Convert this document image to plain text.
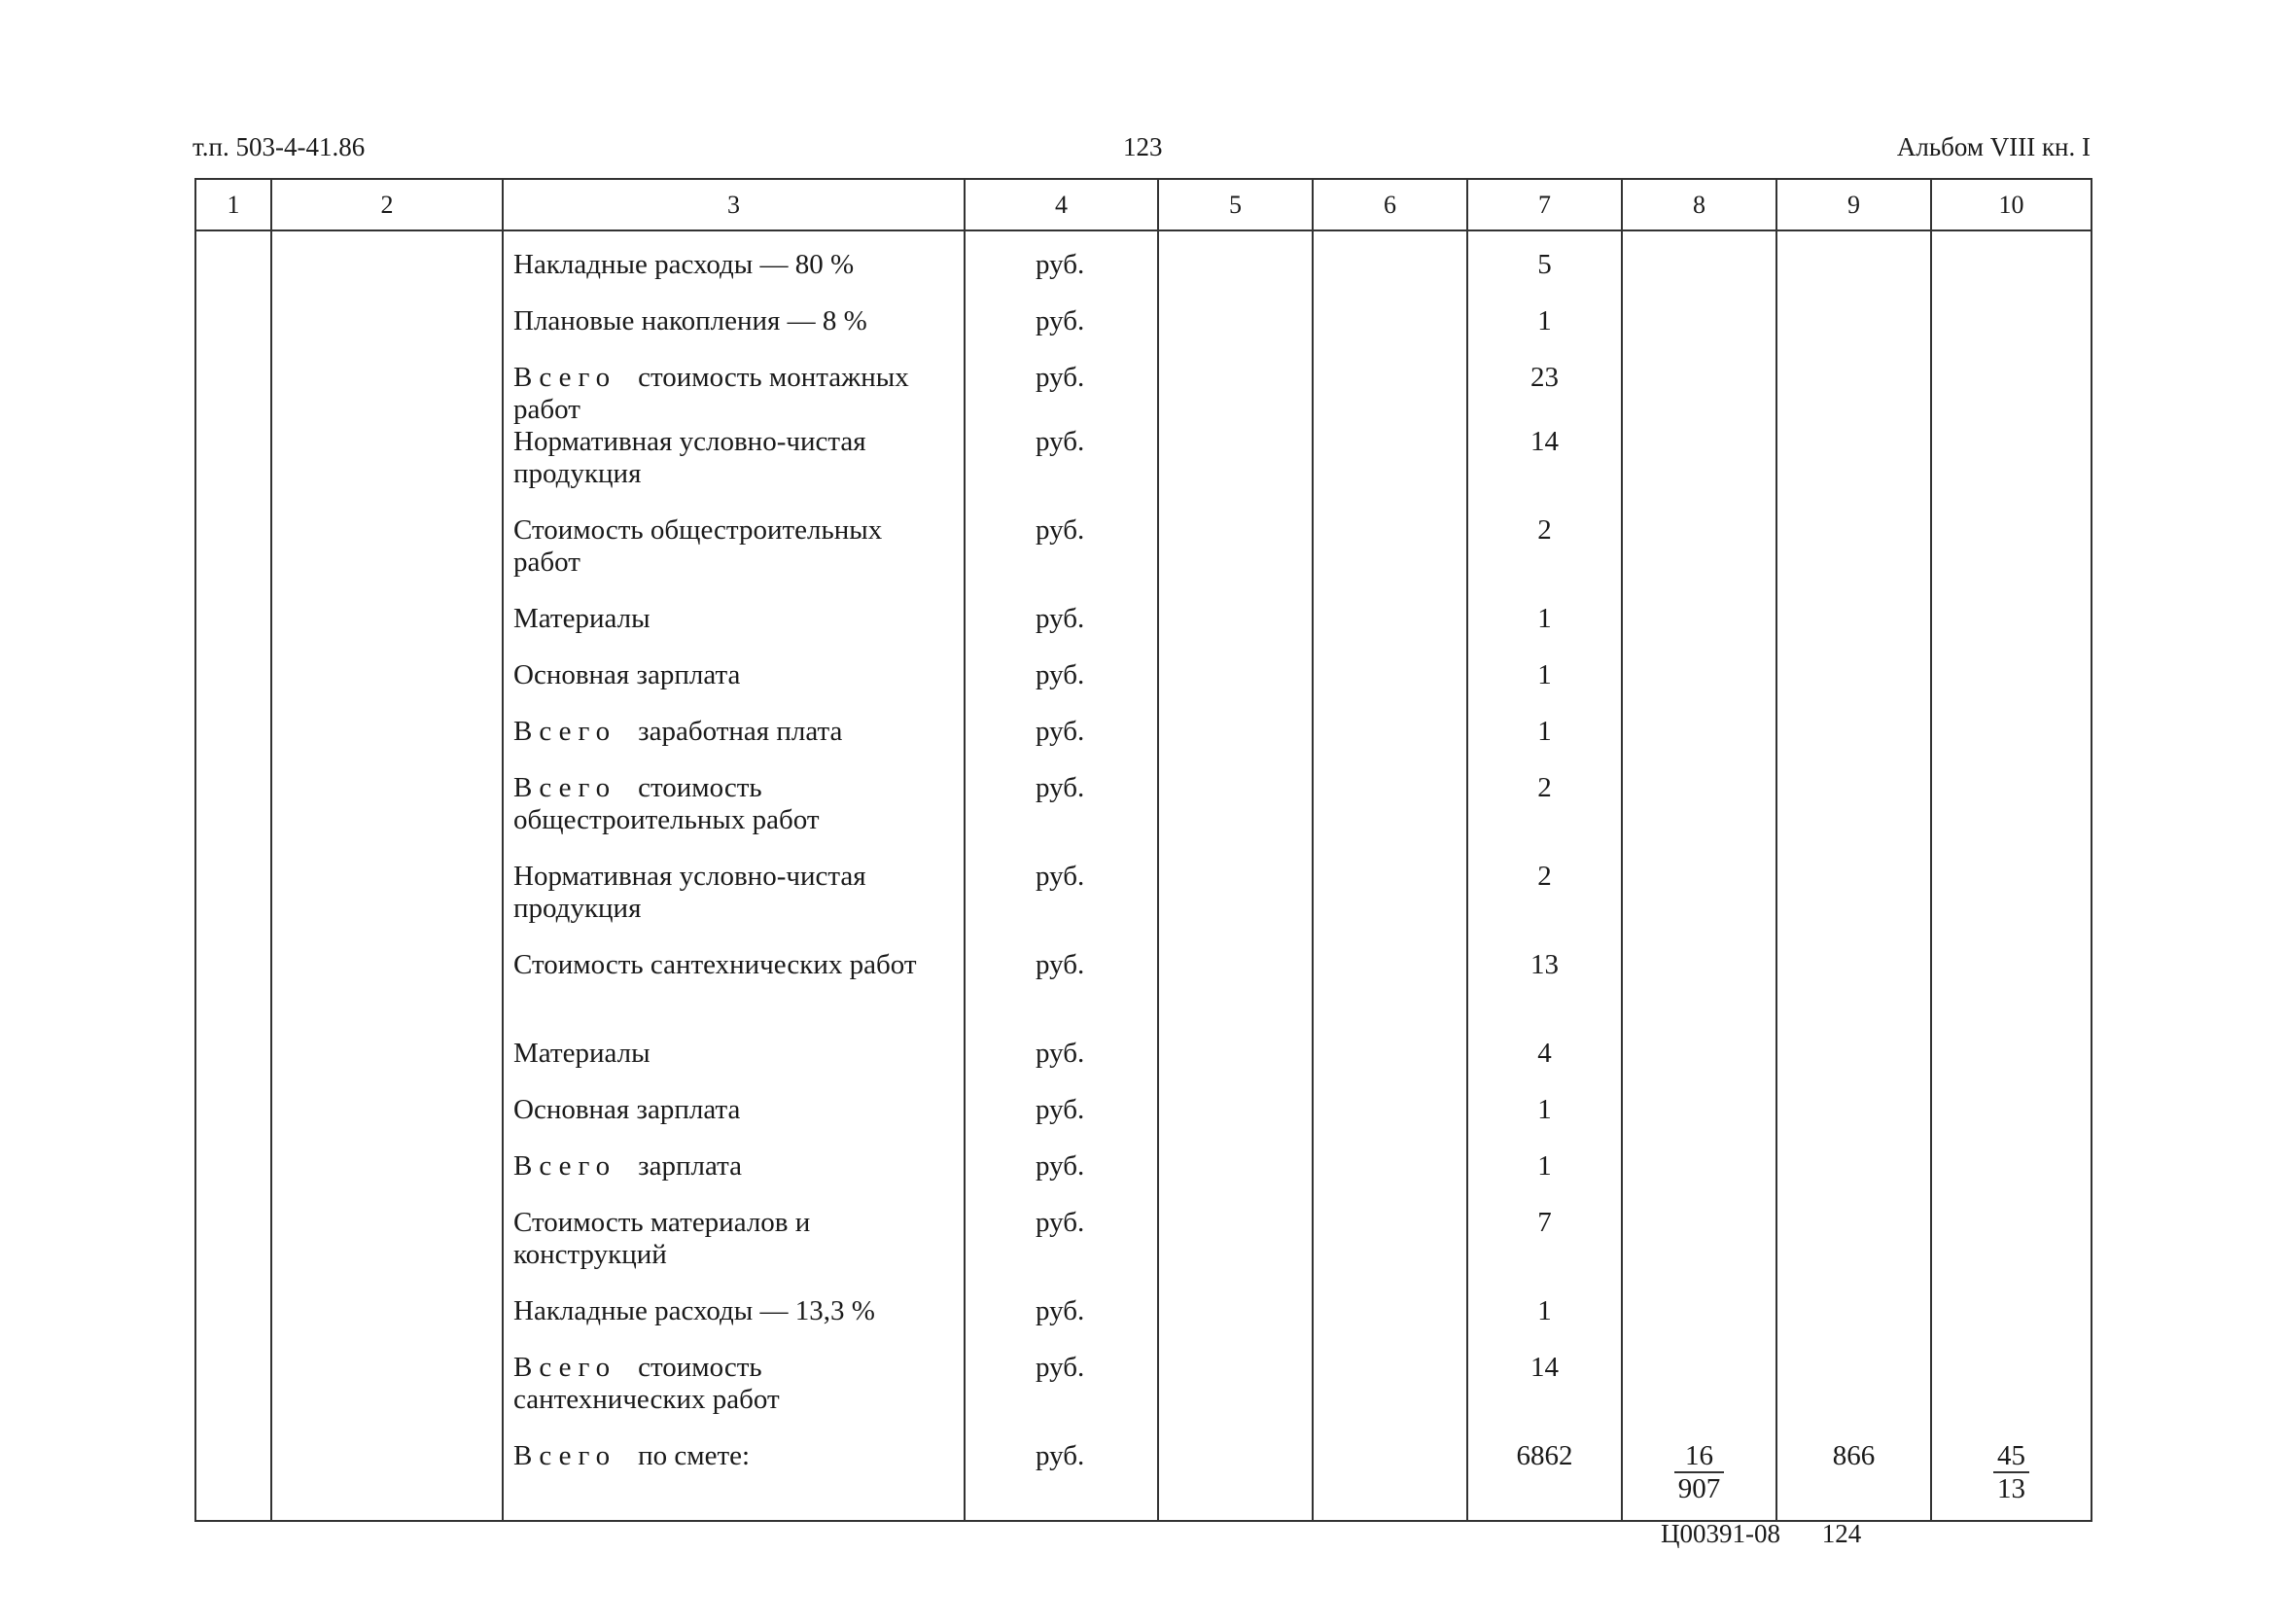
т.п. 503-4-41.86	123	Альбом VIII кн. I
1	2	3	4	5	6	7	8	9	10
		Накладные расходы — 80 %	руб.			5			
		Плановые накопления — 8 %	руб.			1			
		Всего стоимость монтажных работ	руб.			23			
		Нормативная условно-чистая продукция	руб.			14			
		Стоимость общестроительных работ	руб.			2			
		Материалы	руб.			1			
		Основная зарплата	руб.			1			
		Всего заработная плата	руб.			1			
		Всего стоимость общестроительных работ	руб.			2			
		Нормативная условно-чистая продукция	руб.			2			
		Стоимость сантехнических работ	руб.			13			
		Материалы	руб.			4			
		Основная зарплата	руб.			1			
		Всего зарплата	руб.			1			
		Стоимость материалов и конструкций	руб.			7			
		Накладные расходы — 13,3 %	руб.			1			
		Всего стоимость сантехнических работ	руб.			14			
		Всего по смете:	руб.			6862	$\frac{16}{907}$	866	$\frac{45}{13}$
Ц00391-08 124
